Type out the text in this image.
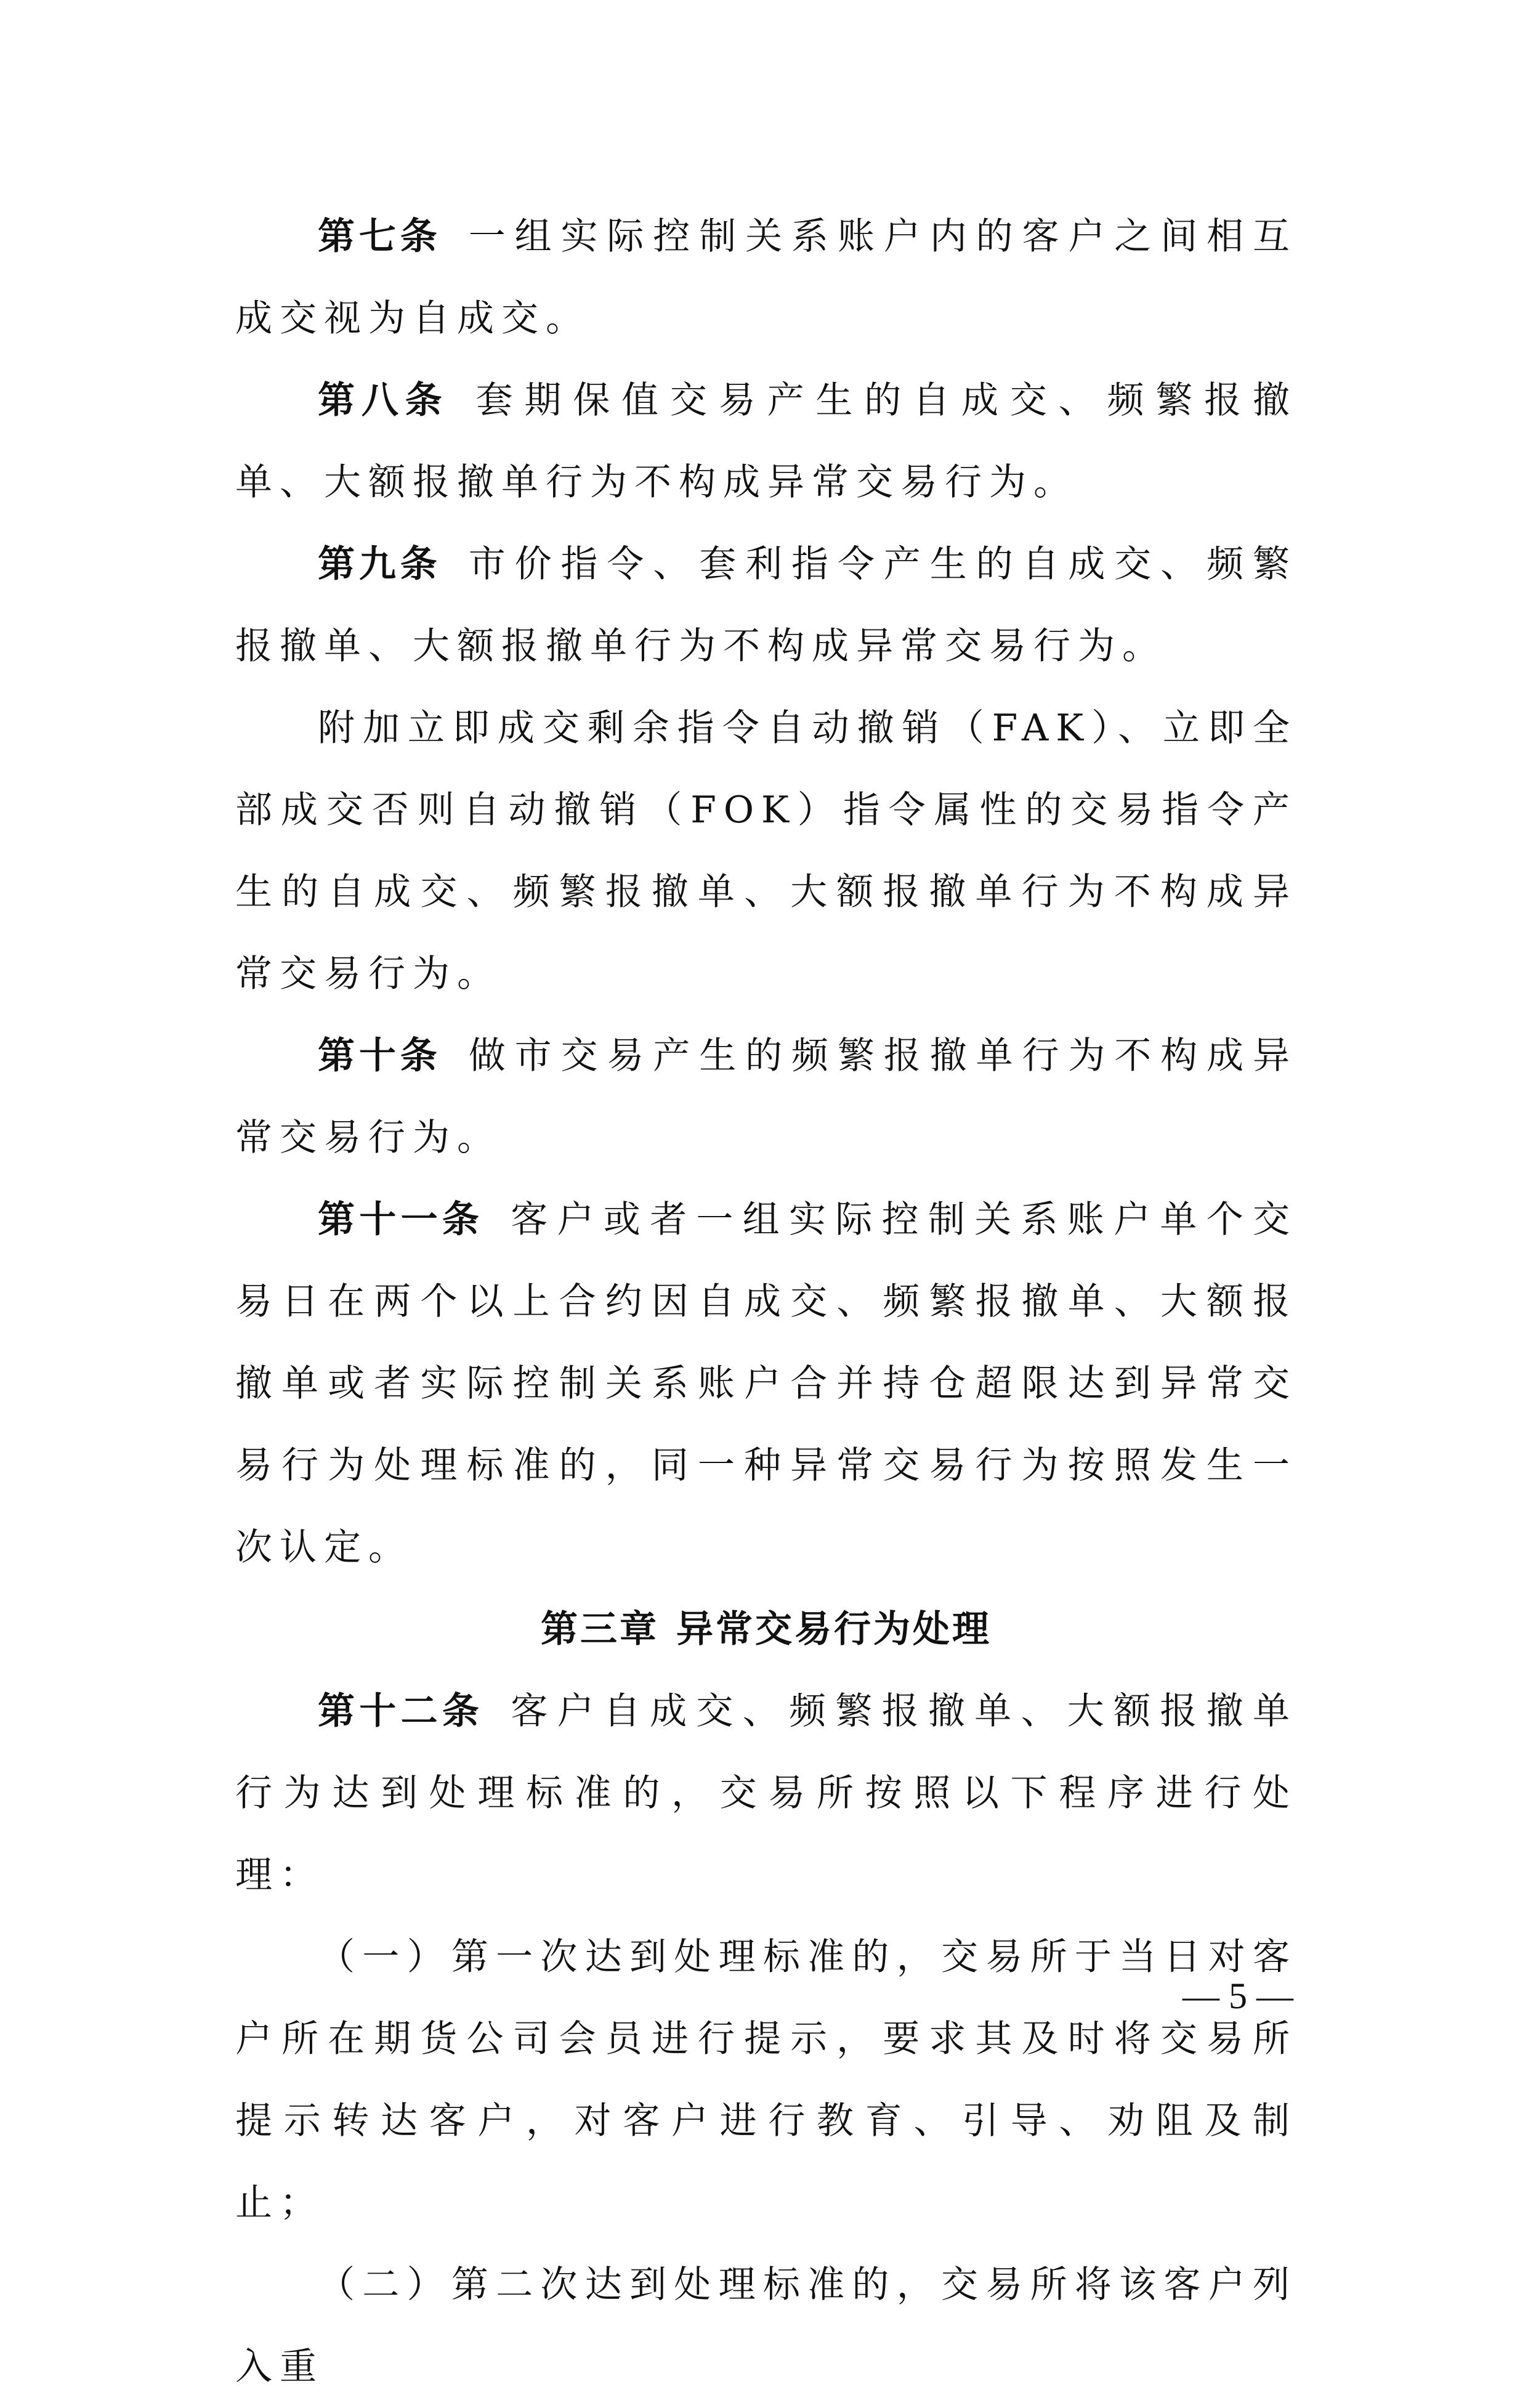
第七条 一组实际控制关系账户内的客户之间相互成交视为自成交。

第八条 套期保值交易产生的自成交、频繁报撤单、大额报撤单行为不构成异常交易行为。

第九条 市价指令、套利指令产生的自成交、频繁报撤单、大额报撤单行为不构成异常交易行为。

附加立即成交剩余指令自动撤销（FAK）、立即全部成交否则自动撤销（FOK）指令属性的交易指令产生的自成交、频繁报撤单、大额报撤单行为不构成异常交易行为。

第十条 做市交易产生的频繁报撤单行为不构成异常交易行为。

第十一条 客户或者一组实际控制关系账户单个交易日在两个以上合约因自成交、频繁报撤单、大额报撤单或者实际控制关系账户合并持仓超限达到异常交易行为处理标准的，同一种异常交易行为按照发生一次认定。

第三章 异常交易行为处理

第十二条 客户自成交、频繁报撤单、大额报撤单行为达到处理标准的，交易所按照以下程序进行处理：

（一）第一次达到处理标准的，交易所于当日对客户所在期货公司会员进行提示，要求其及时将交易所提示转达客户，对客户进行教育、引导、劝阻及制止；

（二）第二次达到处理标准的，交易所将该客户列入重

— 5 —
